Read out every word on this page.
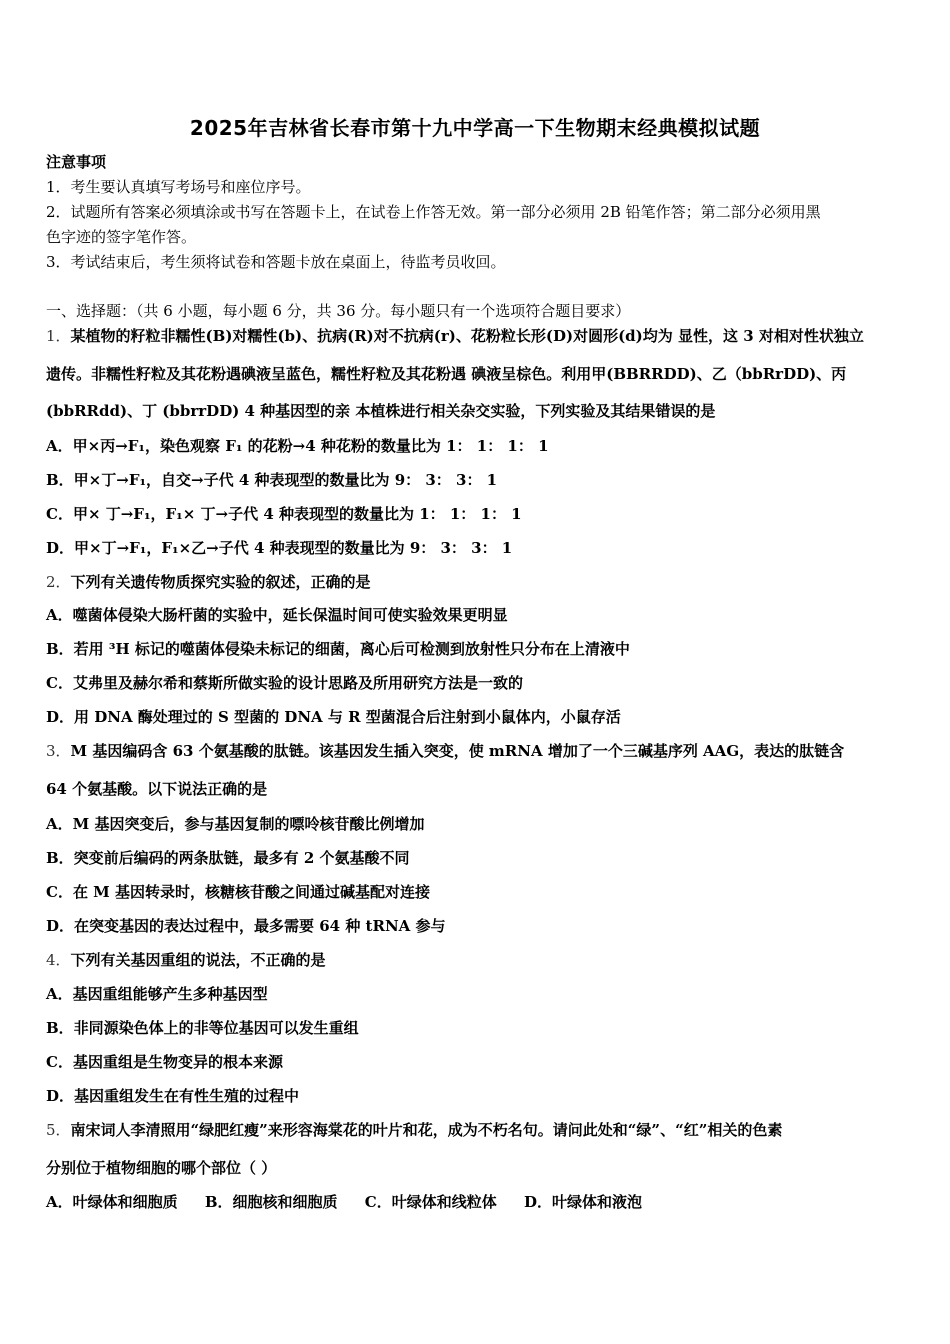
2025年吉林省长春市第十九中学高一下生物期末经典模拟试题
注意事项
1．考生要认真填写考场号和座位序号。
2．试题所有答案必须填涂或书写在答题卡上，在试卷上作答无效。第一部分必须用 2B 铅笔作答；第二部分必须用黑
色字迹的签字笔作答。
3．考试结束后，考生须将试卷和答题卡放在桌面上，待监考员收回。
一、选择题：（共 6 小题，每小题 6 分，共 36 分。每小题只有一个选项符合题目要求）
1．某植物的籽粒非糯性(B)对糯性(b)、抗病(R)对不抗病(r)、花粉粒长形(D)对圆形(d)均为 显性，这 3 对相对性状独立
遗传。非糯性籽粒及其花粉遇碘液呈蓝色，糯性籽粒及其花粉遇 碘液呈棕色。利用甲(BBRRDD)、乙（bbRrDD)、丙
(bbRRdd)、丁 (bbrrDD) 4 种基因型的亲 本植株进行相关杂交实验，下列实验及其结果错误的是
A．甲×丙→F₁，染色观察 F₁ 的花粉→4 种花粉的数量比为 1： 1： 1： 1
B．甲×丁→F₁，自交→子代 4 种表现型的数量比为 9： 3： 3： 1
C．甲× 丁→F₁，F₁× 丁→子代 4 种表现型的数量比为 1： 1： 1： 1
D．甲×丁→F₁，F₁×乙→子代 4 种表现型的数量比为 9： 3： 3： 1
2．下列有关遗传物质探究实验的叙述，正确的是
A．噬菌体侵染大肠杆菌的实验中，延长保温时间可使实验效果更明显
B．若用 ³H 标记的噬菌体侵染未标记的细菌，离心后可检测到放射性只分布在上清液中
C．艾弗里及赫尔希和蔡斯所做实验的设计思路及所用研究方法是一致的
D．用 DNA 酶处理过的 S 型菌的 DNA 与 R 型菌混合后注射到小鼠体内，小鼠存活
3．M 基因编码含 63 个氨基酸的肽链。该基因发生插入突变，使 mRNA 增加了一个三碱基序列 AAG，表达的肽链含
64 个氨基酸。以下说法正确的是
A．M 基因突变后，参与基因复制的嘌呤核苷酸比例增加
B．突变前后编码的两条肽链，最多有 2 个氨基酸不同
C．在 M 基因转录时，核糖核苷酸之间通过碱基配对连接
D．在突变基因的表达过程中，最多需要 64 种 tRNA 参与
4．下列有关基因重组的说法，不正确的是
A．基因重组能够产生多种基因型
B．非同源染色体上的非等位基因可以发生重组
C．基因重组是生物变异的根本来源
D．基因重组发生在有性生殖的过程中
5．南宋词人李清照用“绿肥红瘦”来形容海棠花的叶片和花，成为不朽名句。请问此处和“绿”、“红”相关的色素
分别位于植物细胞的哪个部位（ ）
A．叶绿体和细胞质 B．细胞核和细胞质 C．叶绿体和线粒体 D．叶绿体和液泡
